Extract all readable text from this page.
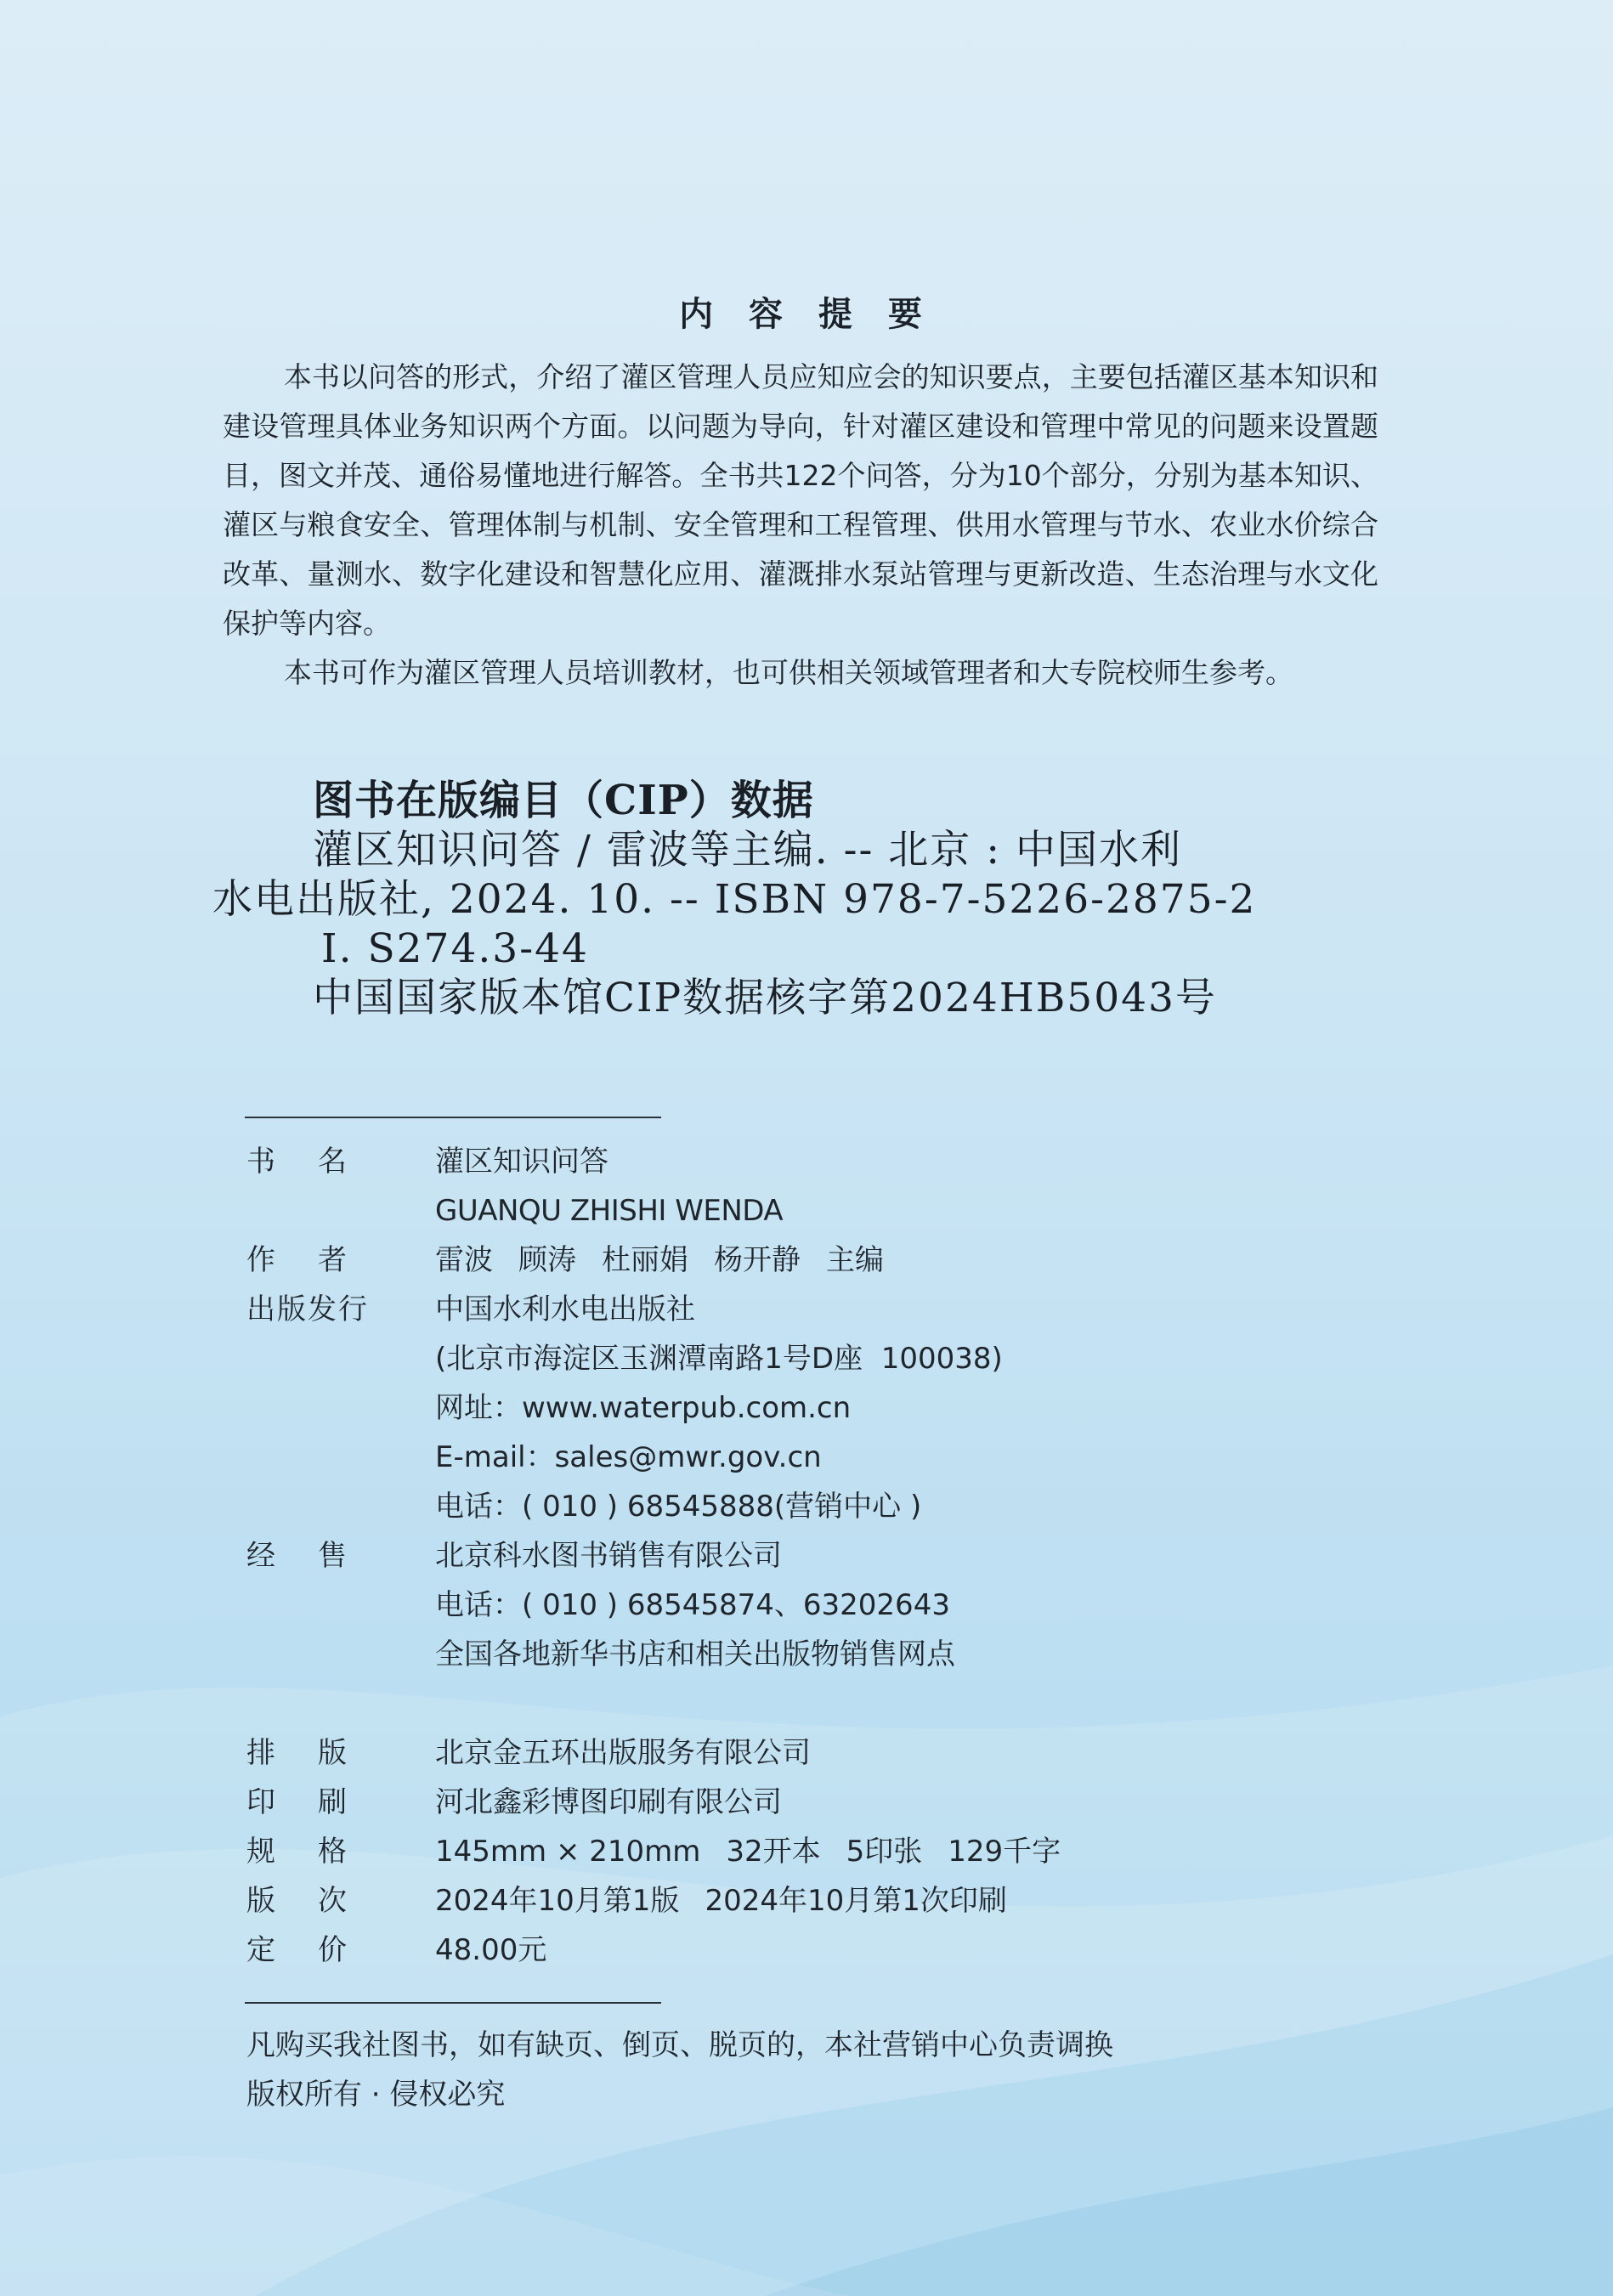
内 容 提 要

本书以问答的形式，介绍了灌区管理人员应知应会的知识要点，主要包括灌区基本知识和建设管理具体业务知识两个方面。以问题为导向，针对灌区建设和管理中常见的问题来设置题目，图文并茂、通俗易懂地进行解答。全书共122个问答，分为10个部分，分别为基本知识、灌区与粮食安全、管理体制与机制、安全管理和工程管理、供用水管理与节水、农业水价综合改革、量测水、数字化建设和智慧化应用、灌溉排水泵站管理与更新改造、生态治理与水文化保护等内容。

本书可作为灌区管理人员培训教材，也可供相关领域管理者和大专院校师生参考。

图书在版编目（CIP）数据
灌区知识问答 / 雷波等主编. -- 北京 : 中国水利
水电出版社, 2024. 10. -- ISBN 978-7-5226-2875-2
Ⅰ. S274.3-44
中国国家版本馆CIP数据核字第2024HB5043号
书 名	灌区知识问答
GUANQU ZHISHI WENDA
作 者	雷波 顾涛 杜丽娟 杨开静 主编
出版发行 中国水利水电出版社
(北京市海淀区玉渊潭南路1号D座  100038)
网址：www.waterpub.com.cn
E-mail：sales@mwr.gov.cn
电话：( 010 ) 68545888(营销中心 )
经 售	北京科水图书销售有限公司
电话：( 010 ) 68545874、63202643
全国各地新华书店和相关出版物销售网点
排 版	北京金五环出版服务有限公司
印 刷	河北鑫彩博图印刷有限公司
规 格	145mm × 210mm 32开本 5印张 129千字
版 次	2024年10月第1版 2024年10月第1次印刷
定 价	48.00元
凡购买我社图书，如有缺页、倒页、脱页的，本社营销中心负责调换
版权所有 · 侵权必究
